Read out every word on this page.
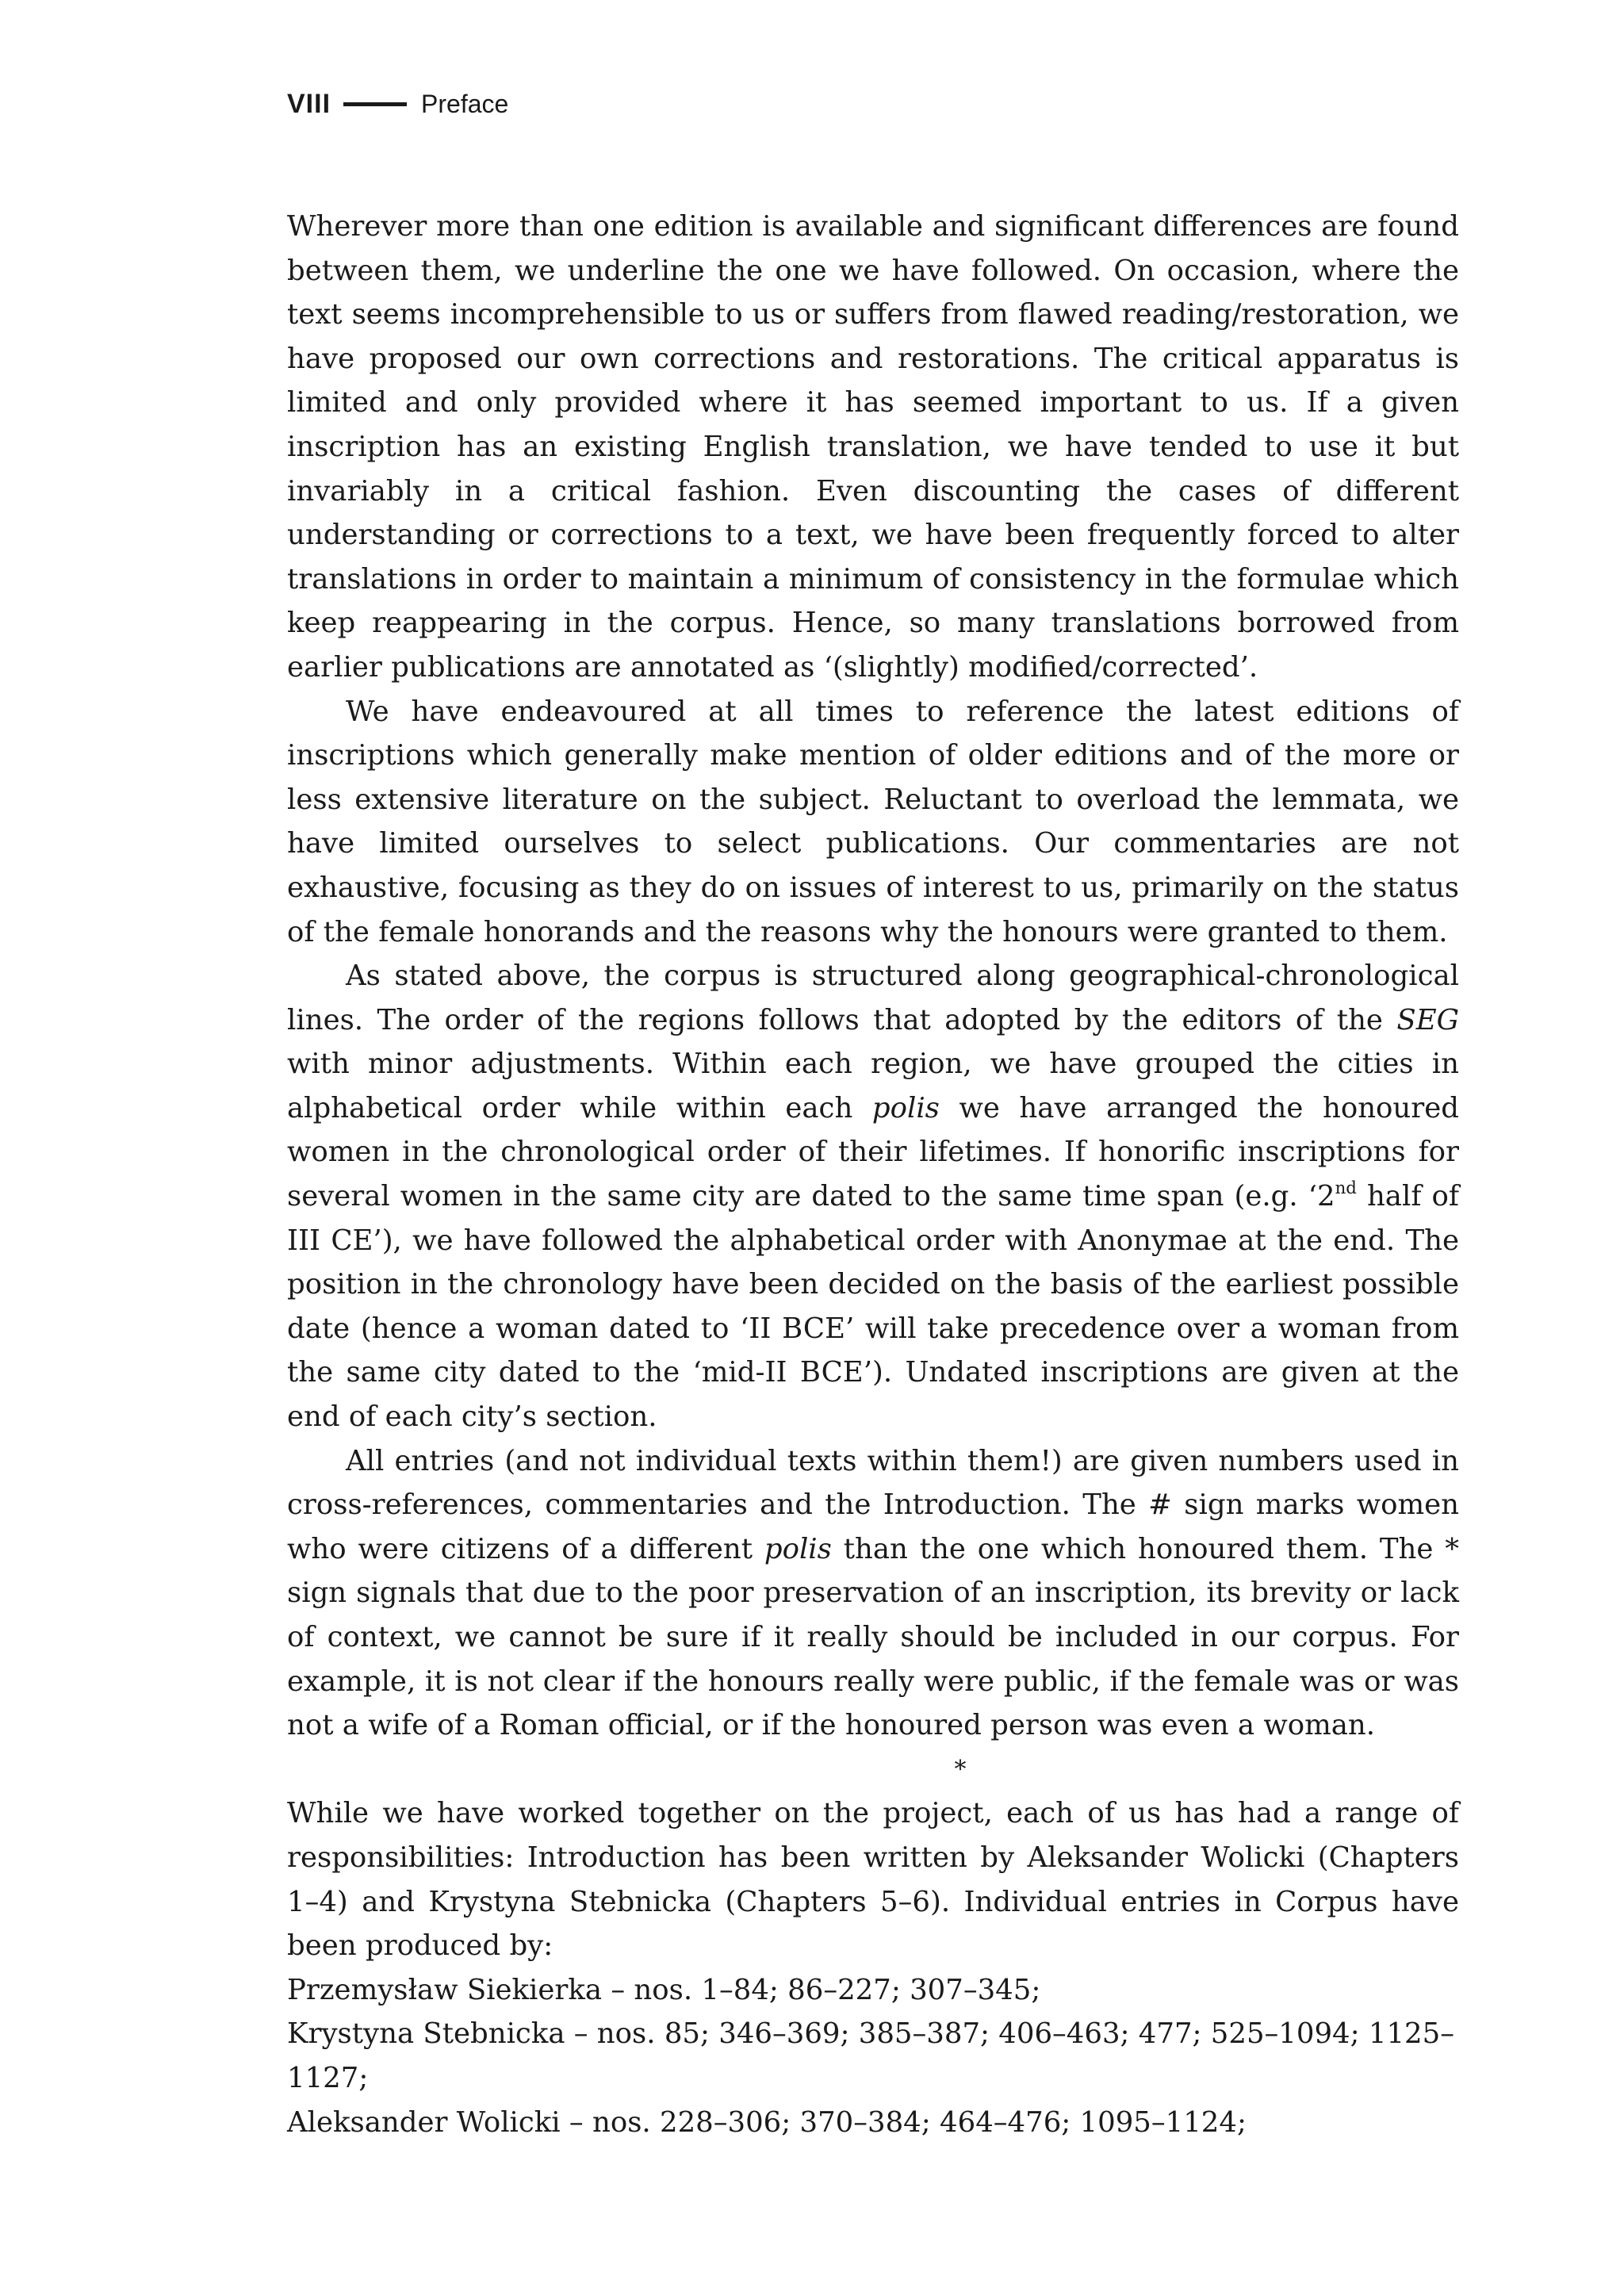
VIII	Preface

Wherever more than one edition is available and significant differences are found between them, we underline the one we have followed. On occasion, where the text seems incomprehensible to us or suffers from flawed reading/restoration, we have proposed our own corrections and restorations. The critical apparatus is limited and only provided where it has seemed important to us. If a given inscription has an existing English translation, we have tended to use it but invariably in a critical fashion. Even discounting the cases of different understanding or corrections to a text, we have been frequently forced to alter translations in order to maintain a minimum of consistency in the formulae which keep reappearing in the corpus. Hence, so many translations borrowed from earlier publications are annotated as ‘(slightly) modified/corrected’.

We have endeavoured at all times to reference the latest editions of inscriptions which generally make mention of older editions and of the more or less extensive literature on the subject. Reluctant to overload the lemmata, we have limited ourselves to select publications. Our commentaries are not exhaustive, focusing as they do on issues of interest to us, primarily on the status of the female honorands and the reasons why the honours were granted to them.

As stated above, the corpus is structured along geographical-chronological lines. The order of the regions follows that adopted by the editors of the SEG with minor adjustments. Within each region, we have grouped the cities in alphabetical order while within each polis we have arranged the honoured women in the chronological order of their lifetimes. If honorific inscriptions for several women in the same city are dated to the same time span (e.g. ‘2nd half of III CE’), we have followed the alphabetical order with Anonymae at the end. The position in the chronology have been decided on the basis of the earliest possible date (hence a woman dated to ‘II BCE’ will take precedence over a woman from the same city dated to the ‘mid-II BCE’). Undated inscriptions are given at the end of each city’s section.

All entries (and not individual texts within them!) are given numbers used in cross-references, commentaries and the Introduction. The # sign marks women who were citizens of a different polis than the one which honoured them. The * sign signals that due to the poor preservation of an inscription, its brevity or lack of context, we cannot be sure if it really should be included in our corpus. For example, it is not clear if the honours really were public, if the female was or was not a wife of a Roman official, or if the honoured person was even a woman.

*

While we have worked together on the project, each of us has had a range of responsibilities: Introduction has been written by Aleksander Wolicki (Chapters 1–4) and Krystyna Stebnicka (Chapters 5–6). Individual entries in Corpus have been produced by:

Przemysław Siekierka – nos. 1–84; 86–227; 307–345;
Krystyna Stebnicka – nos. 85; 346–369; 385–387; 406–463; 477; 525–1094; 1125–1127;
Aleksander Wolicki – nos. 228–306; 370–384; 464–476; 1095–1124;
